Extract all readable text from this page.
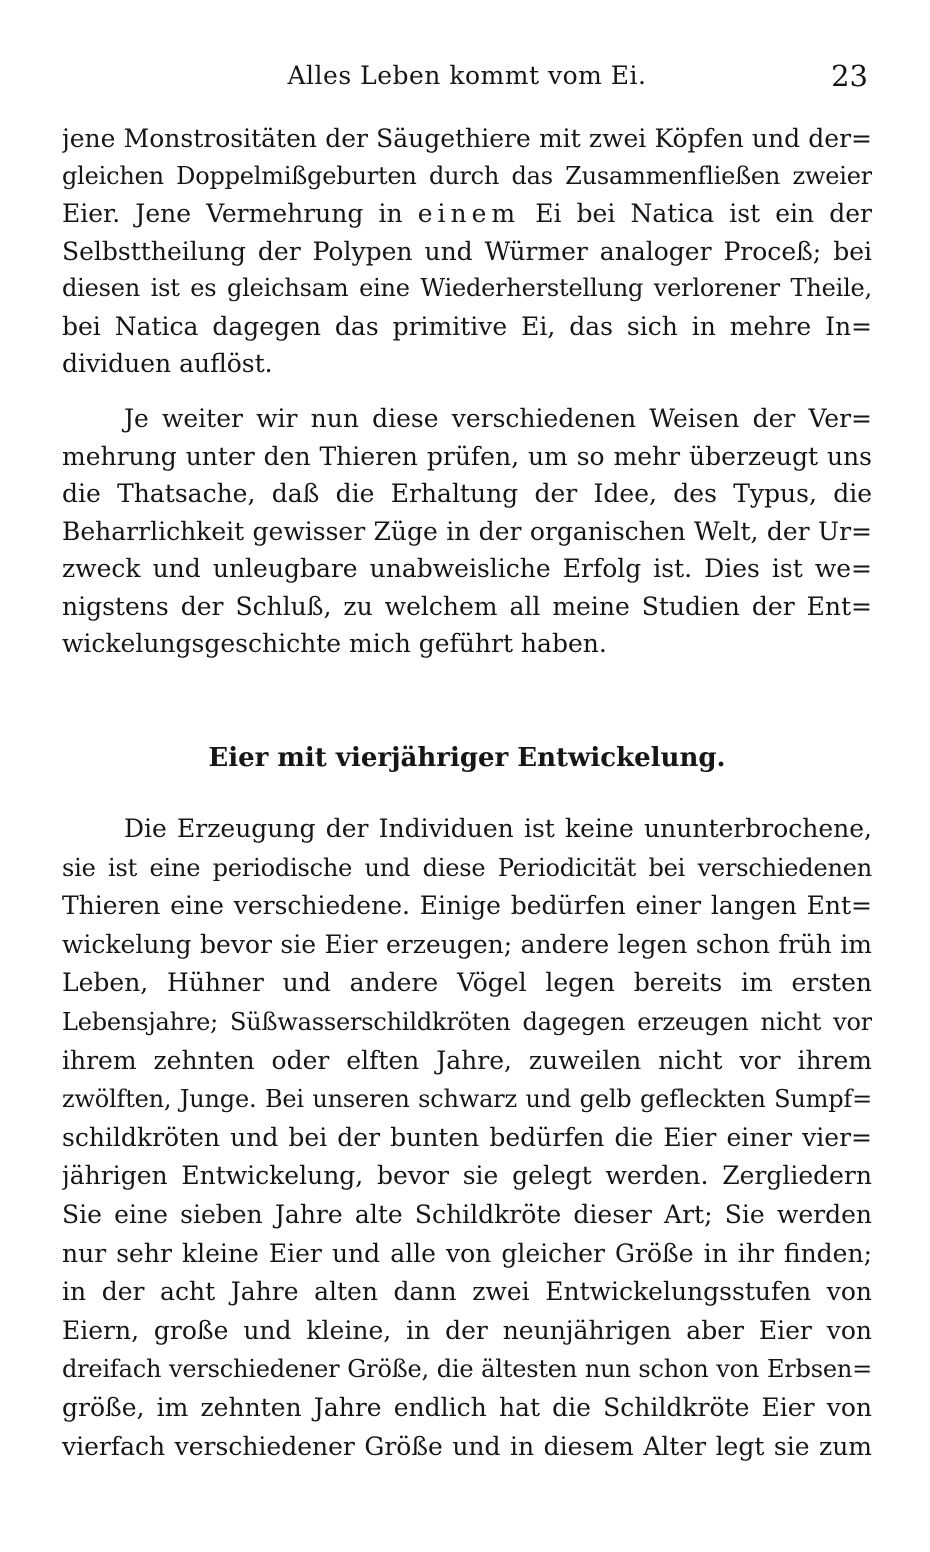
Alles Leben kommt vom Ei.	23
jene Monstrositäten der Säugethiere mit zwei Köpfen und der=
gleichen Doppelmißgeburten durch das Zusammenfließen zweier
Eier. Jene Vermehrung in einem Ei bei Natica ist ein der
Selbsttheilung der Polypen und Würmer analoger Proceß; bei
diesen ist es gleichsam eine Wiederherstellung verlorener Theile,
bei Natica dagegen das primitive Ei, das sich in mehre In=
dividuen auflöst.
Je weiter wir nun diese verschiedenen Weisen der Ver=
mehrung unter den Thieren prüfen, um so mehr überzeugt uns
die Thatsache, daß die Erhaltung der Idee, des Typus, die
Beharrlichkeit gewisser Züge in der organischen Welt, der Ur=
zweck und unleugbare unabweisliche Erfolg ist. Dies ist we=
nigstens der Schluß, zu welchem all meine Studien der Ent=
wickelungsgeschichte mich geführt haben.
Eier mit vierjähriger Entwickelung.
Die Erzeugung der Individuen ist keine ununterbrochene,
sie ist eine periodische und diese Periodicität bei verschiedenen
Thieren eine verschiedene. Einige bedürfen einer langen Ent=
wickelung bevor sie Eier erzeugen; andere legen schon früh im
Leben, Hühner und andere Vögel legen bereits im ersten
Lebensjahre; Süßwasserschildkröten dagegen erzeugen nicht vor
ihrem zehnten oder elften Jahre, zuweilen nicht vor ihrem
zwölften, Junge. Bei unseren schwarz und gelb gefleckten Sumpf=
schildkröten und bei der bunten bedürfen die Eier einer vier=
jährigen Entwickelung, bevor sie gelegt werden. Zergliedern
Sie eine sieben Jahre alte Schildkröte dieser Art; Sie werden
nur sehr kleine Eier und alle von gleicher Größe in ihr finden;
in der acht Jahre alten dann zwei Entwickelungsstufen von
Eiern, große und kleine, in der neunjährigen aber Eier von
dreifach verschiedener Größe, die ältesten nun schon von Erbsen=
größe, im zehnten Jahre endlich hat die Schildkröte Eier von
vierfach verschiedener Größe und in diesem Alter legt sie zum
